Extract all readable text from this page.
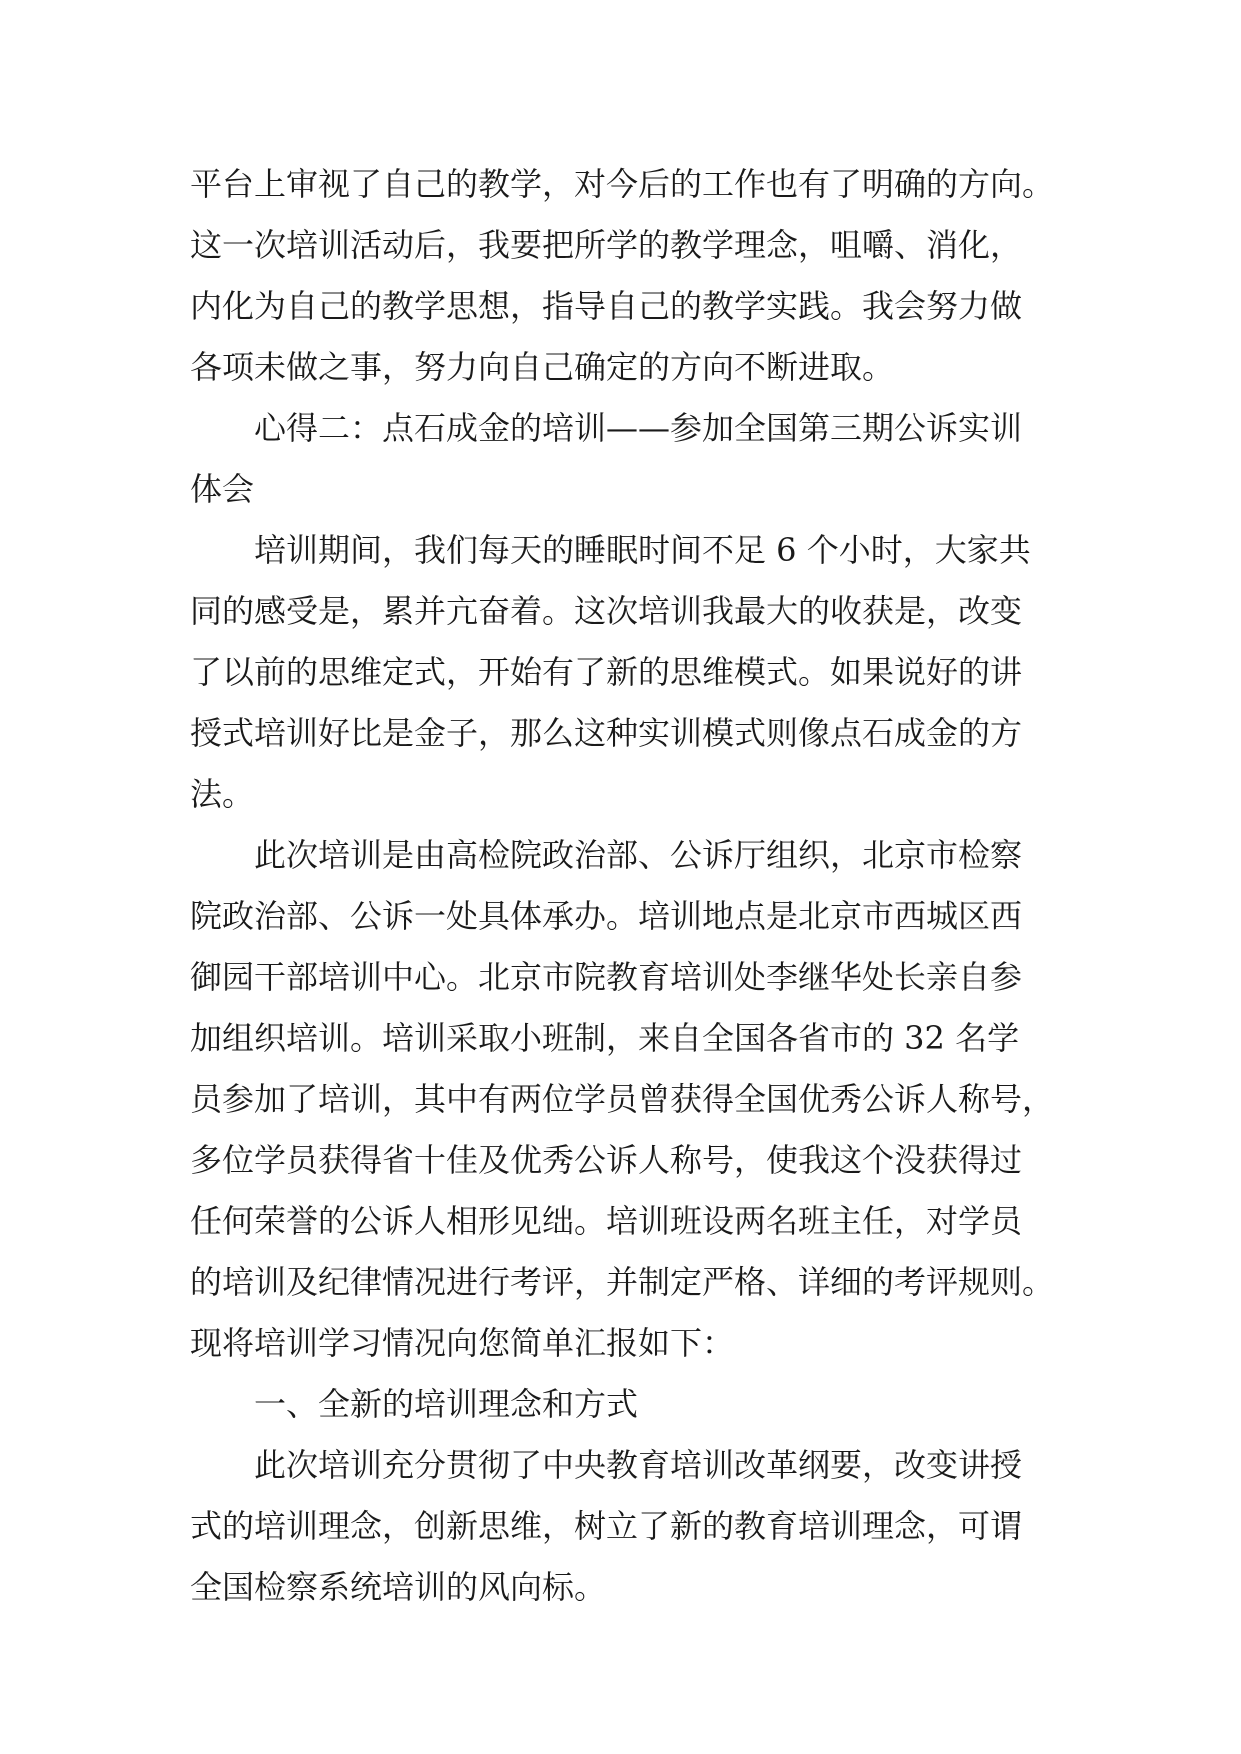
平台上审视了自己的教学，对今后的工作也有了明确的方向。
这一次培训活动后，我要把所学的教学理念，咀嚼、消化，
内化为自己的教学思想，指导自己的教学实践。我会努力做
各项未做之事，努力向自己确定的方向不断进取。
心得二：点石成金的培训——参加全国第三期公诉实训
体会
培训期间，我们每天的睡眠时间不足 6 个小时，大家共
同的感受是，累并亢奋着。这次培训我最大的收获是，改变
了以前的思维定式，开始有了新的思维模式。如果说好的讲
授式培训好比是金子，那么这种实训模式则像点石成金的方
法。
此次培训是由高检院政治部、公诉厅组织，北京市检察
院政治部、公诉一处具体承办。培训地点是北京市西城区西
御园干部培训中心。北京市院教育培训处李继华处长亲自参
加组织培训。培训采取小班制，来自全国各省市的 32 名学
员参加了培训，其中有两位学员曾获得全国优秀公诉人称号，
多位学员获得省十佳及优秀公诉人称号，使我这个没获得过
任何荣誉的公诉人相形见绌。培训班设两名班主任，对学员
的培训及纪律情况进行考评，并制定严格、详细的考评规则。
现将培训学习情况向您简单汇报如下：
一、全新的培训理念和方式
此次培训充分贯彻了中央教育培训改革纲要，改变讲授
式的培训理念，创新思维，树立了新的教育培训理念，可谓
全国检察系统培训的风向标。
